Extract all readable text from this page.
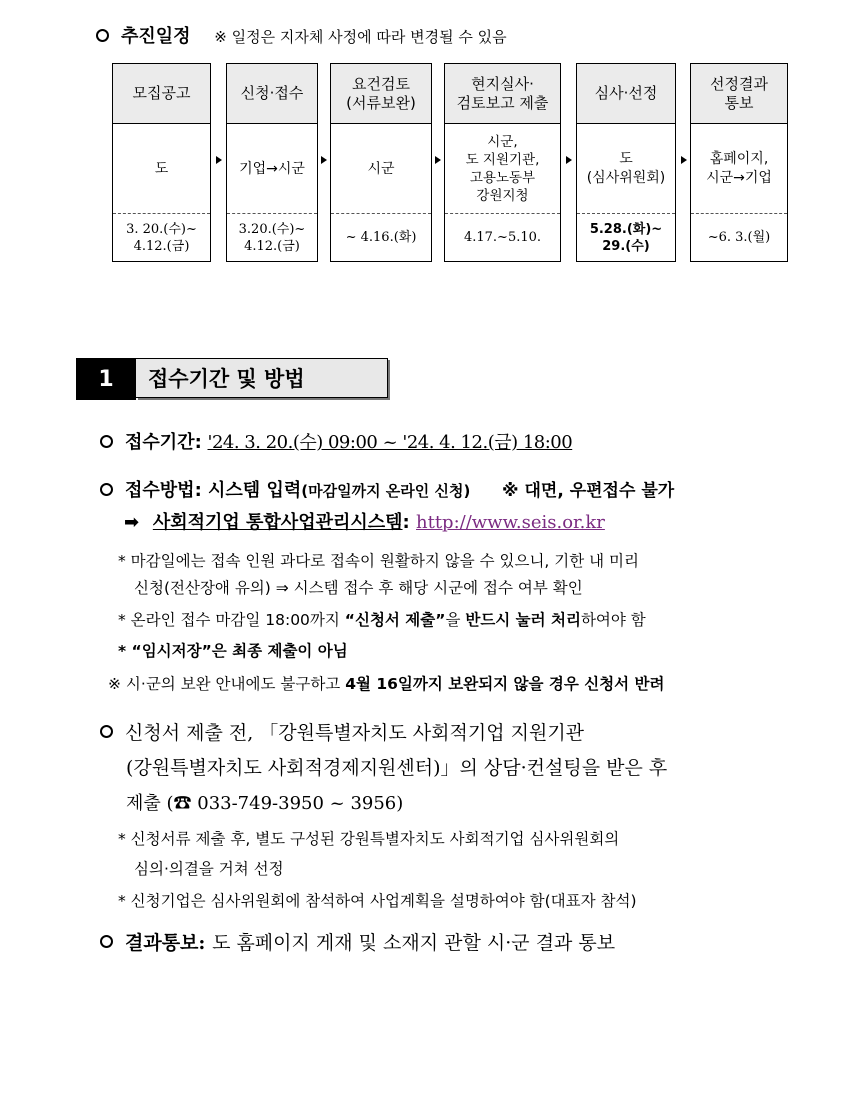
추진일정 ※ 일정은 지자체 사정에 따라 변경될 수 있음
모집공고
도
3. 20.(수)~
4.12.(금)
신청·접수
기업→시군
3.20.(수)~
4.12.(금)
요건검토
(서류보완)
시군
~ 4.16.(화)
현지실사·
검토보고 제출
시군,
도 지원기관,
고용노동부
강원지청
4.17.~5.10.
심사·선정
도
(심사위원회)
5.28.(화)~
29.(수)
선정결과
통보
홈페이지,
시군→기업
~6. 3.(월)
1	접수기간 및 방법
접수기간: '24. 3. 20.(수) 09:00 ~ '24. 4. 12.(금) 18:00
접수방법: 시스템 입력(마감일까지 온라인 신청) ※ 대면, 우편접수 불가
➡ 사회적기업 통합사업관리시스템: http://www.seis.or.kr
* 마감일에는 접속 인원 과다로 접속이 원활하지 않을 수 있으니, 기한 내 미리
신청(전산장애 유의) ⇒ 시스템 접수 후 해당 시군에 접수 여부 확인
* 온라인 접수 마감일 18:00까지 “신청서 제출”을 반드시 눌러 처리하여야 함
* “임시저장”은 최종 제출이 아님
※ 시·군의 보완 안내에도 불구하고 4월 16일까지 보완되지 않을 경우 신청서 반려
신청서 제출 전, 「강원특별자치도 사회적기업 지원기관
(강원특별자치도 사회적경제지원센터)」의 상담·컨설팅을 받은 후
제출 (☎ 033-749-3950 ~ 3956)
* 신청서류 제출 후, 별도 구성된 강원특별자치도 사회적기업 심사위원회의
심의·의결을 거쳐 선정
* 신청기업은 심사위원회에 참석하여 사업계획을 설명하여야 함(대표자 참석)
결과통보: 도 홈페이지 게재 및 소재지 관할 시·군 결과 통보
